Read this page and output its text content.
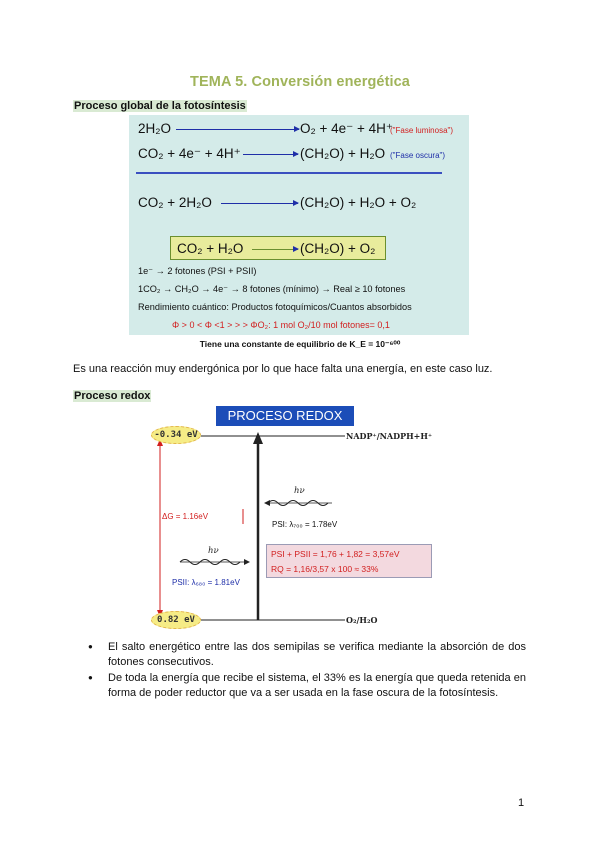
TEMA 5. Conversión energética
Proceso global de la fotosíntesis
2H₂O	O₂ + 4e⁻ + 4H⁺
("Fase luminosa")
CO₂ + 4e⁻ + 4H⁺	(CH₂O) + H₂O ("Fase oscura")
CO₂ + 2H₂O	(CH₂O) + H₂O + O₂
CO₂ + H₂O	(CH₂O) + O₂
1e⁻ → 2 fotones (PSI + PSII)
1CO₂ → CH₂O → 4e⁻ → 8 fotones (mínimo) → Real ≥ 10 fotones
Rendimiento cuántico: Productos fotoquímicos/Cuantos absorbidos
Φ > 0 < Φ <1 > > > ΦO₂: 1 mol O₂/10 mol fotones= 0,1
Tiene una constante de equilibrio de K_E = 10⁻⁶⁰⁰
Es una reacción muy endergónica por lo que hace falta una energía, en este caso luz.
Proceso redox
PROCESO REDOX
-0.34 eV
0.82 eV
NADP⁺/NADPH+H⁺
O₂/H₂O
ΔG = 1.16eV
hν
hν
PSI: λ₇₀₀ = 1.78eV
PSII: λ₆₈₀ = 1.81eV
PSI + PSII = 1,76 + 1,82 = 3,57eV
RQ = 1,16/3,57 x 100 ≈ 33%
● El salto energético entre las dos semipilas se verifica mediante la absorción de dos fotones consecutivos.
● De toda la energía que recibe el sistema, el 33% es la energía que queda retenida en forma de poder reductor que va a ser usada en la fase oscura de la fotosíntesis.
1
